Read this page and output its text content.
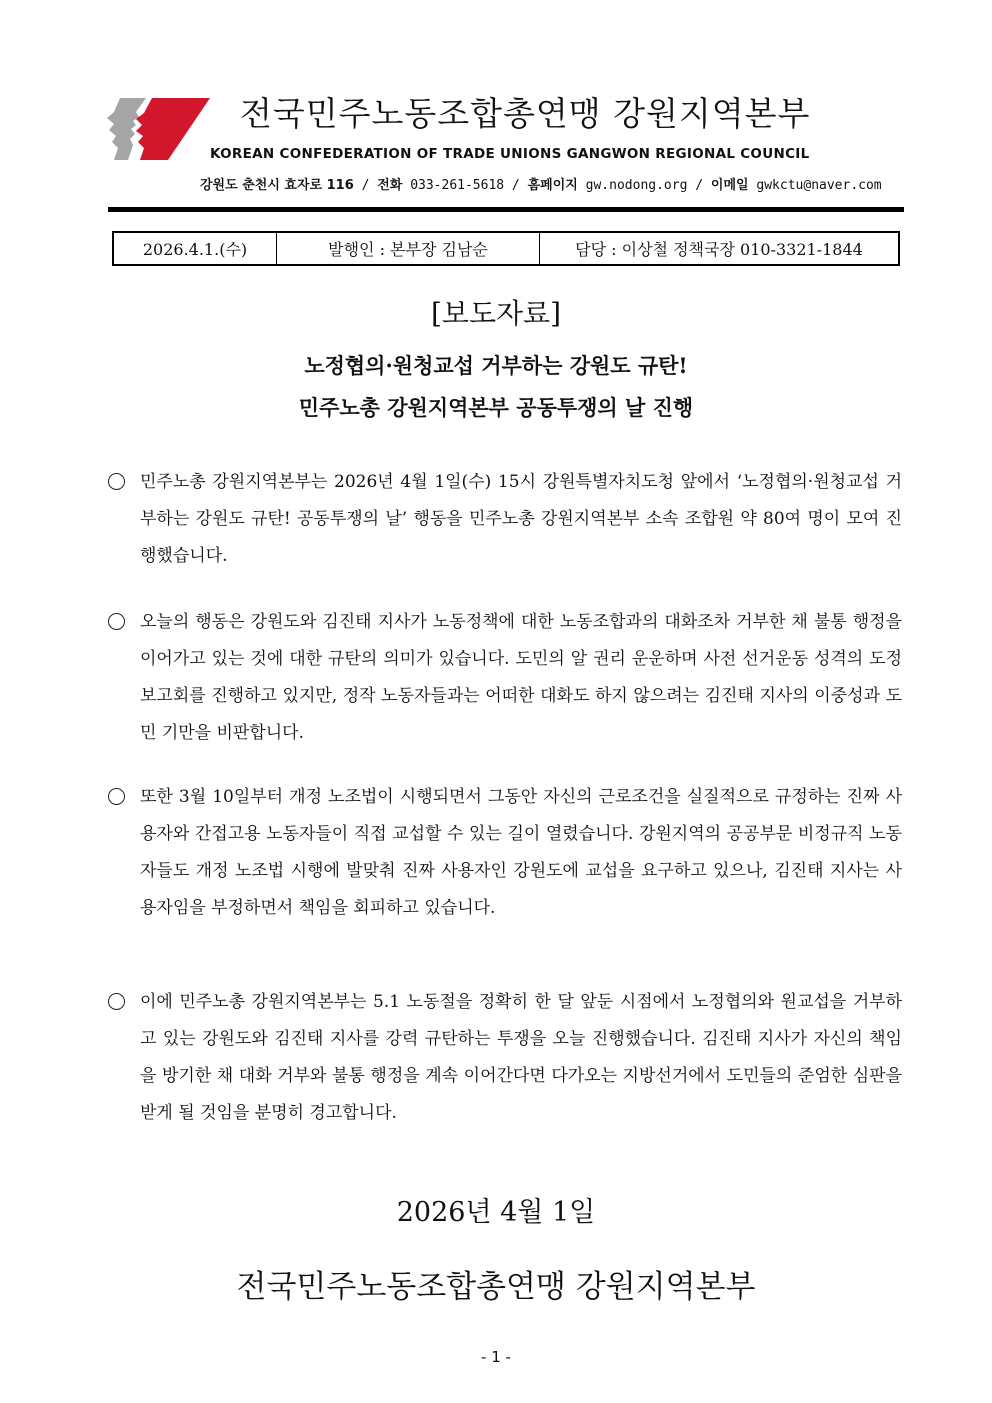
전국민주노동조합총연맹 강원지역본부
KOREAN CONFEDERATION OF TRADE UNIONS GANGWON REGIONAL COUNCIL
강원도 춘천시 효자로 116 / 전화 033-261-5618 / 홈페이지 gw.nodong.org / 이메일 gwkctu@naver.com
2026.4.1.(수)	발행인 : 본부장 김남순	담당 : 이상철 정책국장 010-3321-1844
[보도자료]
노정협의·원청교섭 거부하는 강원도 규탄!
민주노총 강원지역본부 공동투쟁의 날 진행
민주노총 강원지역본부는 2026년 4월 1일(수) 15시 강원특별자치도청 앞에서 ‘노정협의·원청교섭 거부하는 강원도 규탄! 공동투쟁의 날’ 행동을 민주노총 강원지역본부 소속 조합원 약 80여 명이 모여 진행했습니다.
오늘의 행동은 강원도와 김진태 지사가 노동정책에 대한 노동조합과의 대화조차 거부한 채 불통 행정을 이어가고 있는 것에 대한 규탄의 의미가 있습니다. 도민의 알 권리 운운하며 사전 선거운동 성격의 도정보고회를 진행하고 있지만, 정작 노동자들과는 어떠한 대화도 하지 않으려는 김진태 지사의 이중성과 도민 기만을 비판합니다.
또한 3월 10일부터 개정 노조법이 시행되면서 그동안 자신의 근로조건을 실질적으로 규정하는 진짜 사용자와 간접고용 노동자들이 직접 교섭할 수 있는 길이 열렸습니다. 강원지역의 공공부문 비정규직 노동자들도 개정 노조법 시행에 발맞춰 진짜 사용자인 강원도에 교섭을 요구하고 있으나, 김진태 지사는 사용자임을 부정하면서 책임을 회피하고 있습니다.
이에 민주노총 강원지역본부는 5.1 노동절을 정확히 한 달 앞둔 시점에서 노정협의와 원교섭을 거부하고 있는 강원도와 김진태 지사를 강력 규탄하는 투쟁을 오늘 진행했습니다. 김진태 지사가 자신의 책임을 방기한 채 대화 거부와 불통 행정을 계속 이어간다면 다가오는 지방선거에서 도민들의 준엄한 심판을 받게 될 것임을 분명히 경고합니다.
2026년 4월 1일
전국민주노동조합총연맹 강원지역본부
- 1 -
